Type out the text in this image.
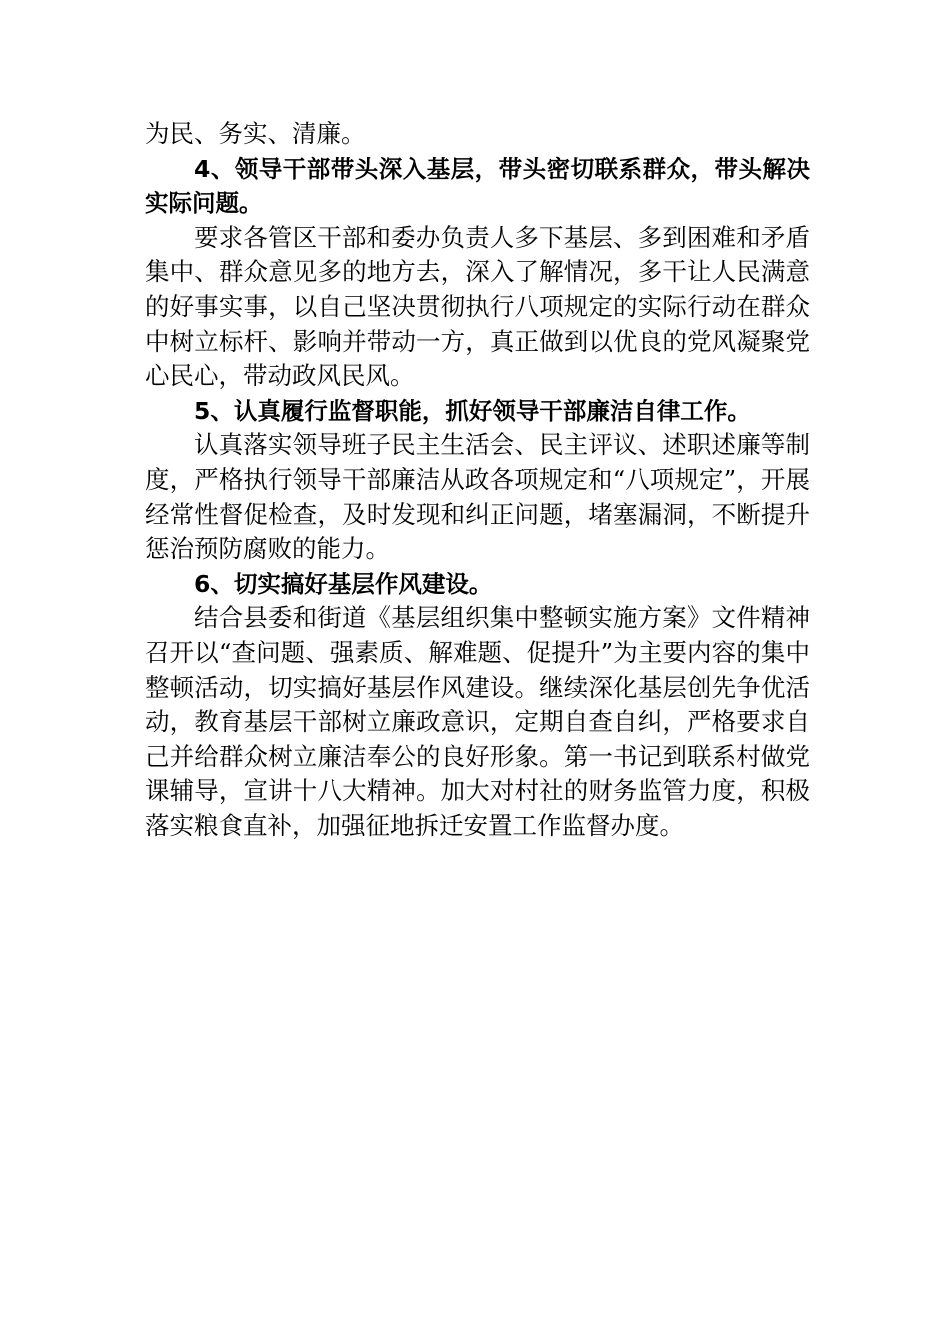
为民、务实、清廉。

4、领导干部带头深入基层，带头密切联系群众，带头解决实际问题。

要求各管区干部和委办负责人多下基层、多到困难和矛盾集中、群众意见多的地方去，深入了解情况，多干让人民满意的好事实事，以自己坚决贯彻执行八项规定的实际行动在群众中树立标杆、影响并带动一方，真正做到以优良的党风凝聚党心民心，带动政风民风。

5、认真履行监督职能，抓好领导干部廉洁自律工作。

认真落实领导班子民主生活会、民主评议、述职述廉等制度，严格执行领导干部廉洁从政各项规定和“八项规定”，开展经常性督促检查，及时发现和纠正问题，堵塞漏洞，不断提升惩治预防腐败的能力。

6、切实搞好基层作风建设。

结合县委和街道《基层组织集中整顿实施方案》文件精神召开以“查问题、强素质、解难题、促提升”为主要内容的集中整顿活动，切实搞好基层作风建设。继续深化基层创先争优活动，教育基层干部树立廉政意识，定期自查自纠，严格要求自己并给群众树立廉洁奉公的良好形象。第一书记到联系村做党课辅导，宣讲十八大精神。加大对村社的财务监管力度，积极落实粮食直补，加强征地拆迁安置工作监督办度。
